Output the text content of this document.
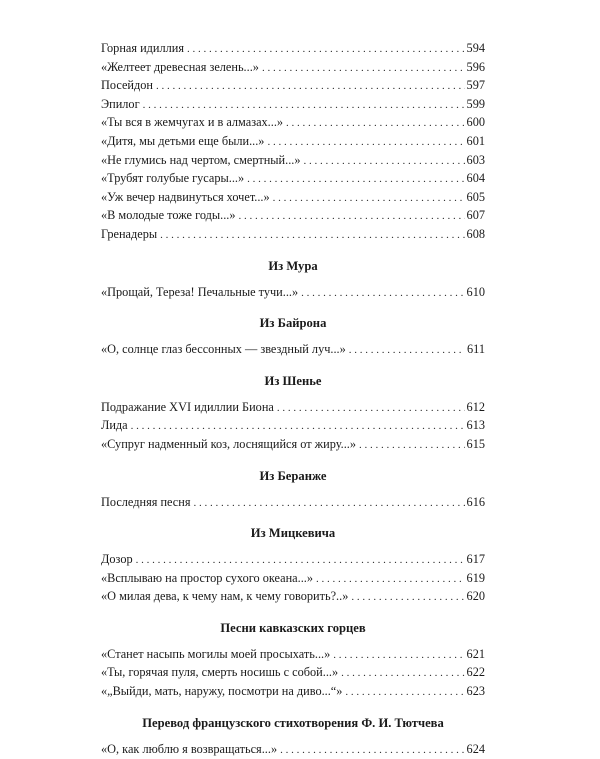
Горная идиллия . . .	594
«Желтеет древесная зелень...» . . .	596
Посейдон . . .	597
Эпилог . . .	599
«Ты вся в жемчугах и в алмазах...» . . .	600
«Дитя, мы детьми еще были...» . . .	601
«Не глумись над чертом, смертный...» . . .	603
«Трубят голубые гусары...» . . .	604
«Уж вечер надвинуться хочет...» . . .	605
«В молодые тоже годы...» . . .	607
Гренадеры . . .	608
Из Мура
«Прощай, Тереза! Печальные тучи...» . . .	610
Из Байрона
«О, солнце глаз бессонных — звездный луч...» . . .	611
Из Шенье
Подражание XVI идиллии Биона . . .	612
Лида . . .	613
«Супруг надменный коз, лоснящийся от жиру...» . . .	615
Из Беранже
Последняя песня . . .	616
Из Мицкевича
Дозор . . .	617
«Всплываю на простор сухого океана...» . . .	619
«О милая дева, к чему нам, к чему говорить?..» . . .	620
Песни кавказских горцев
«Станет насыпь могилы моей просыхать...» . . .	621
«Ты, горячая пуля, смерть носишь с собой...» . . .	622
«„Выйди, мать, наружу, посмотри на диво...“» . . .	623
Перевод французского стихотворения Ф. И. Тютчева
«О, как люблю я возвращаться...» . . .	624
